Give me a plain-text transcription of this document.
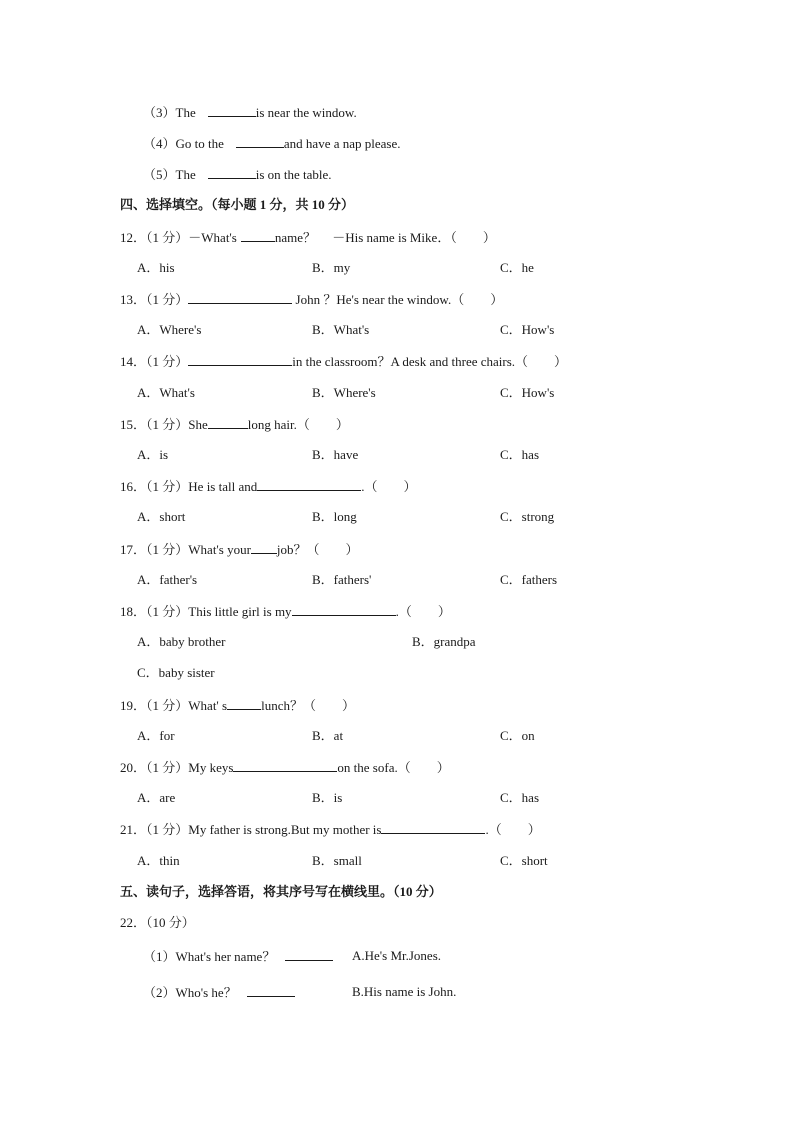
（3）The	is near the window.
（4）Go to the	and have a nap please.
（5）The	is on the table.
四、选择填空。（每小题 1 分，共 10 分）
12．（1 分）－What's	name？　 －His name is Mike．（　　）
A．his	B．my	C．he
13．（1 分）	John ？He's near the window.（　　）
A．Where's	B．What's	C．How's
14．（1 分）	in the classroom？A desk and three chairs.（　　）
A．What's	B．Where's	C．How's
15．（1 分）She	long hair.（　　）
A．is	B．have	C．has
16．（1 分）He is tall and	.（　　）
A．short	B．long	C．strong
17．（1 分）What's your job？（　　）
A．father's	B．fathers'	C．fathers
18．（1 分）This little girl is my	.（　　）
A．baby brother	B．grandpa
C．baby sister
19．（1 分）What' s	lunch？（　　）
A．for	B．at	C．on
20．（1 分）My keys	on the sofa.（　　）
A．are	B．is	C．has
21．（1 分）My father is strong.But my mother is	.（　　）
A．thin	B．small	C．short
五、读句子，选择答语，将其序号写在横线里。（10 分）
22．（10 分）
（1）What's her name？	A.He's Mr.Jones.
（2）Who's he？	B.His name is John.
